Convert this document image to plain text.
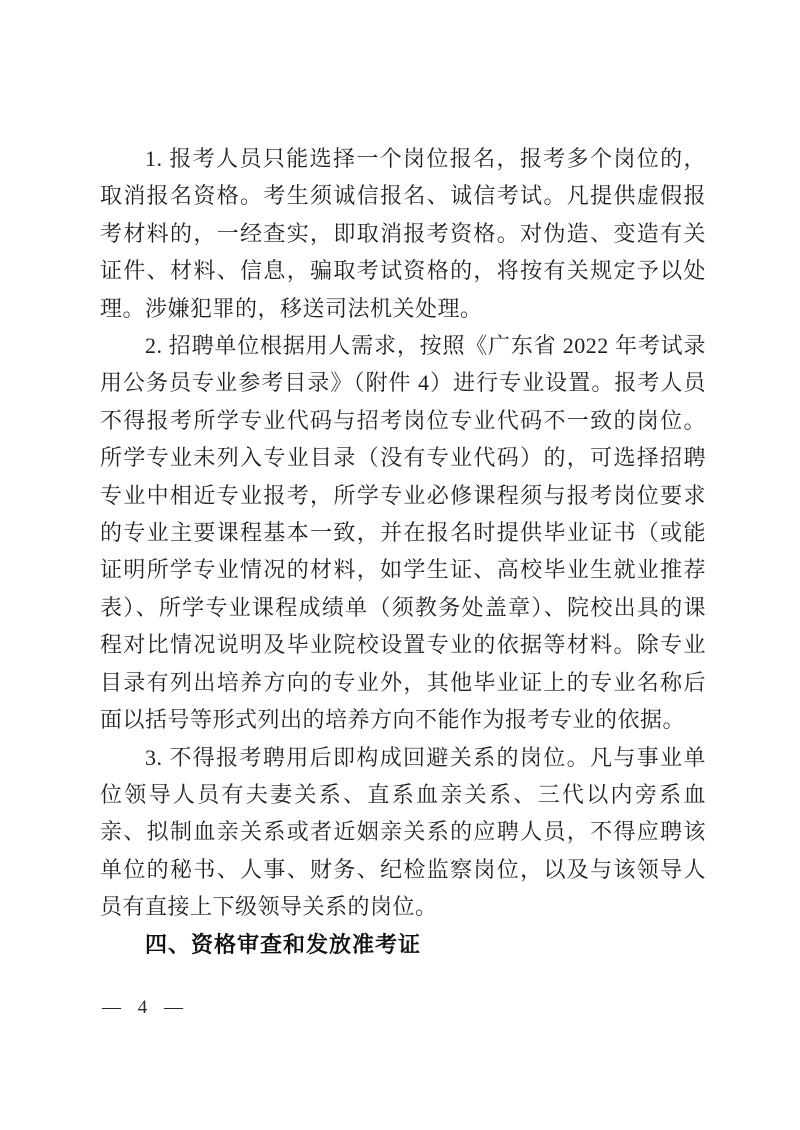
1. 报考人员只能选择一个岗位报名，报考多个岗位的，取消报名资格。考生须诚信报名、诚信考试。凡提供虚假报考材料的，一经查实，即取消报考资格。对伪造、变造有关证件、材料、信息，骗取考试资格的，将按有关规定予以处理。涉嫌犯罪的，移送司法机关处理。

2. 招聘单位根据用人需求，按照《广东省 2022 年考试录用公务员专业参考目录》（附件 4）进行专业设置。报考人员不得报考所学专业代码与招考岗位专业代码不一致的岗位。所学专业未列入专业目录（没有专业代码）的，可选择招聘专业中相近专业报考，所学专业必修课程须与报考岗位要求的专业主要课程基本一致，并在报名时提供毕业证书（或能证明所学专业情况的材料，如学生证、高校毕业生就业推荐表）、所学专业课程成绩单（须教务处盖章）、院校出具的课程对比情况说明及毕业院校设置专业的依据等材料。除专业目录有列出培养方向的专业外，其他毕业证上的专业名称后面以括号等形式列出的培养方向不能作为报考专业的依据。

3. 不得报考聘用后即构成回避关系的岗位。凡与事业单位领导人员有夫妻关系、直系血亲关系、三代以内旁系血亲、拟制血亲关系或者近姻亲关系的应聘人员，不得应聘该单位的秘书、人事、财务、纪检监察岗位，以及与该领导人员有直接上下级领导关系的岗位。

四、资格审查和发放准考证
— 4 —
